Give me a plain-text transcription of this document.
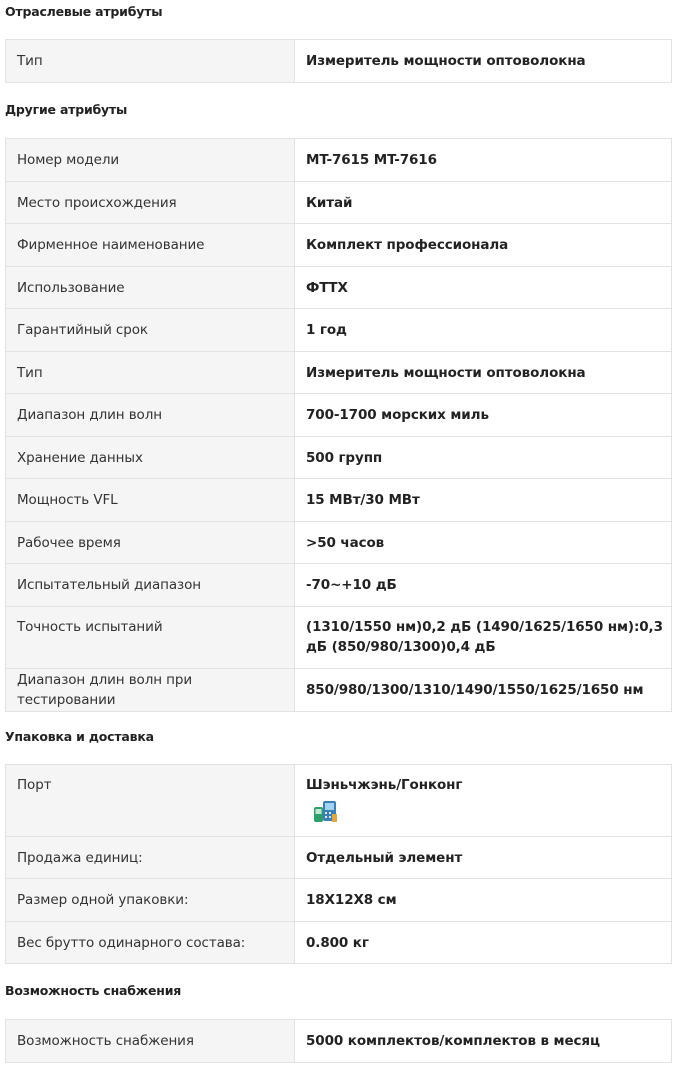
Отраслевые атрибуты
Тип	Измеритель мощности оптоволокна
Другие атрибуты
Номер модели	MT-7615 MT-7616
Место происхождения	Китай
Фирменное наименование	Комплект профессионала
Использование	ФТТХ
Гарантийный срок	1 год
Тип	Измеритель мощности оптоволокна
Диапазон длин волн	700-1700 морских миль
Хранение данных	500 групп
Мощность VFL	15 МВт/30 МВт
Рабочее время	>50 часов
Испытательный диапазон	-70~+10 дБ
Точность испытаний	(1310/1550 нм)0,2 дБ (1490/1625/1650 нм):0,3 дБ (850/980/1300)0,4 дБ
Диапазон длин волн при тестировании	850/980/1300/1310/1490/1550/1625/1650 нм
Упаковка и доставка
Порт	Шэньчжэнь/Гонконг

Продажа единиц:	Отдельный элемент
Размер одной упаковки:	18X12X8 см
Вес брутто одинарного состава:	0.800 кг
Возможность снабжения
Возможность снабжения	5000 комплектов/комплектов в месяц
